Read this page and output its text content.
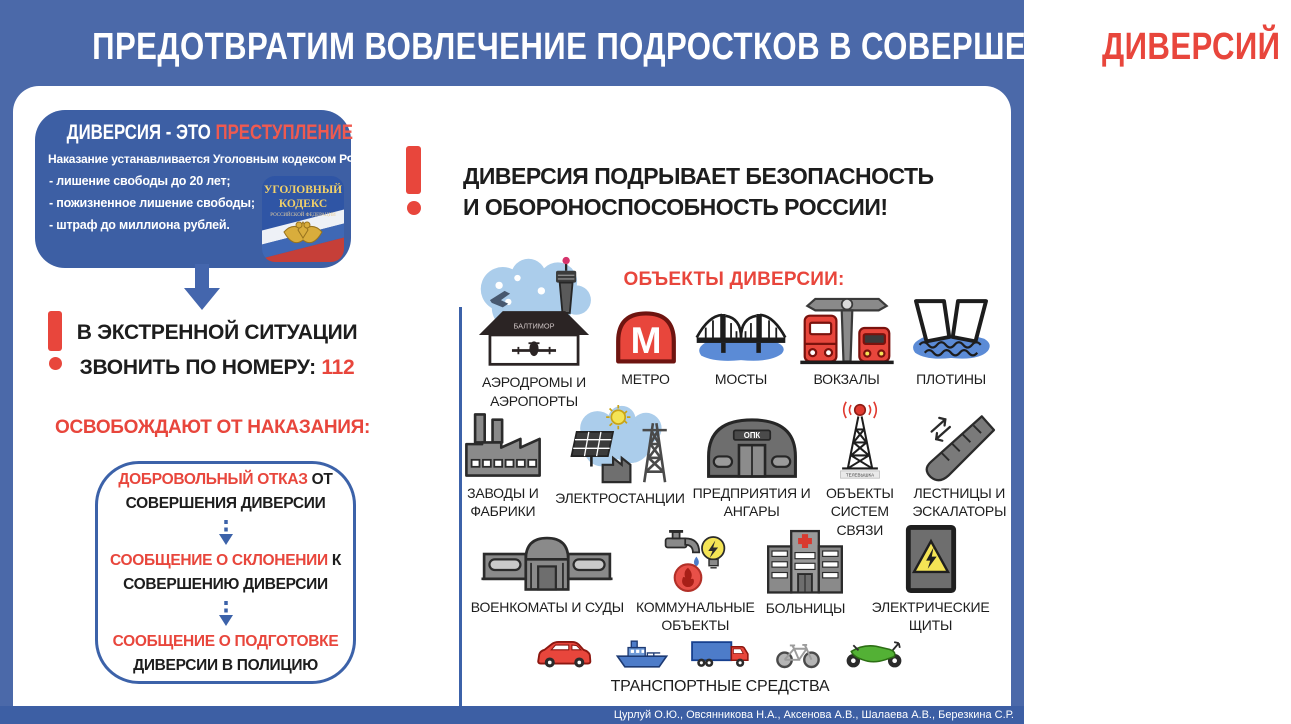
ПРЕДОТВРАТИМ ВОВЛЕЧЕНИЕ ПОДРОСТКОВ В СОВЕРШЕНИЕ ДИВЕРСИЙ!
ДИВЕРСИЯ - ЭТО ПРЕСТУПЛЕНИЕ!
Наказание устанавливается Уголовным кодексом РФ:
- лишение свободы до 20 лет;
- пожизненное лишение свободы;
- штраф до миллиона рублей.
УГОЛОВНЫЙ
КОДЕКС
РОССИЙСКОЙ ФЕДЕРАЦИИ
В ЭКСТРЕННОЙ СИТУАЦИИ
ЗВОНИТЬ ПО НОМЕРУ: 112
ОСВОБОЖДАЮТ ОТ НАКАЗАНИЯ:
ДОБРОВОЛЬНЫЙ ОТКАЗ ОТ
СОВЕРШЕНИЯ ДИВЕРСИИ
СООБЩЕНИЕ О СКЛОНЕНИИ К
СОВЕРШЕНИЮ ДИВЕРСИИ
СООБЩЕНИЕ О ПОДГОТОВКЕ
ДИВЕРСИИ В ПОЛИЦИЮ
ДИВЕРСИЯ ПОДРЫВАЕТ БЕЗОПАСНОСТЬ
И ОБОРОНОСПОСОБНОСТЬ РОССИИ!
ОБЪЕКТЫ ДИВЕРСИИ:
БАЛТИМОР
АЭРОДРОМЫ И АЭРОПОРТЫ
М
МЕТРО	МОСТЫ	ВОКЗАЛЫ	ПЛОТИНЫ
ЗАВОДЫ И ФАБРИКИ
ЭЛЕКТРОСТАНЦИИ
ОПК
ПРЕДПРИЯТИЯ И АНГАРЫ
ТЕЛЕВЫШКА
ОБЪЕКТЫ СИСТЕМ СВЯЗИ
ЛЕСТНИЦЫ И ЭСКАЛАТОРЫ
ВОЕНКОМАТЫ И СУДЫ КОММУНАЛЬНЫЕ ОБЪЕКТЫ
БОЛЬНИЦЫ	ЭЛЕКТРИЧЕСКИЕ ЩИТЫ
ТРАНСПОРТНЫЕ СРЕДСТВА
Цурлуй О.Ю., Овсянникова Н.А., Аксенова А.В., Шалаева А.В., Березкина С.Р.
